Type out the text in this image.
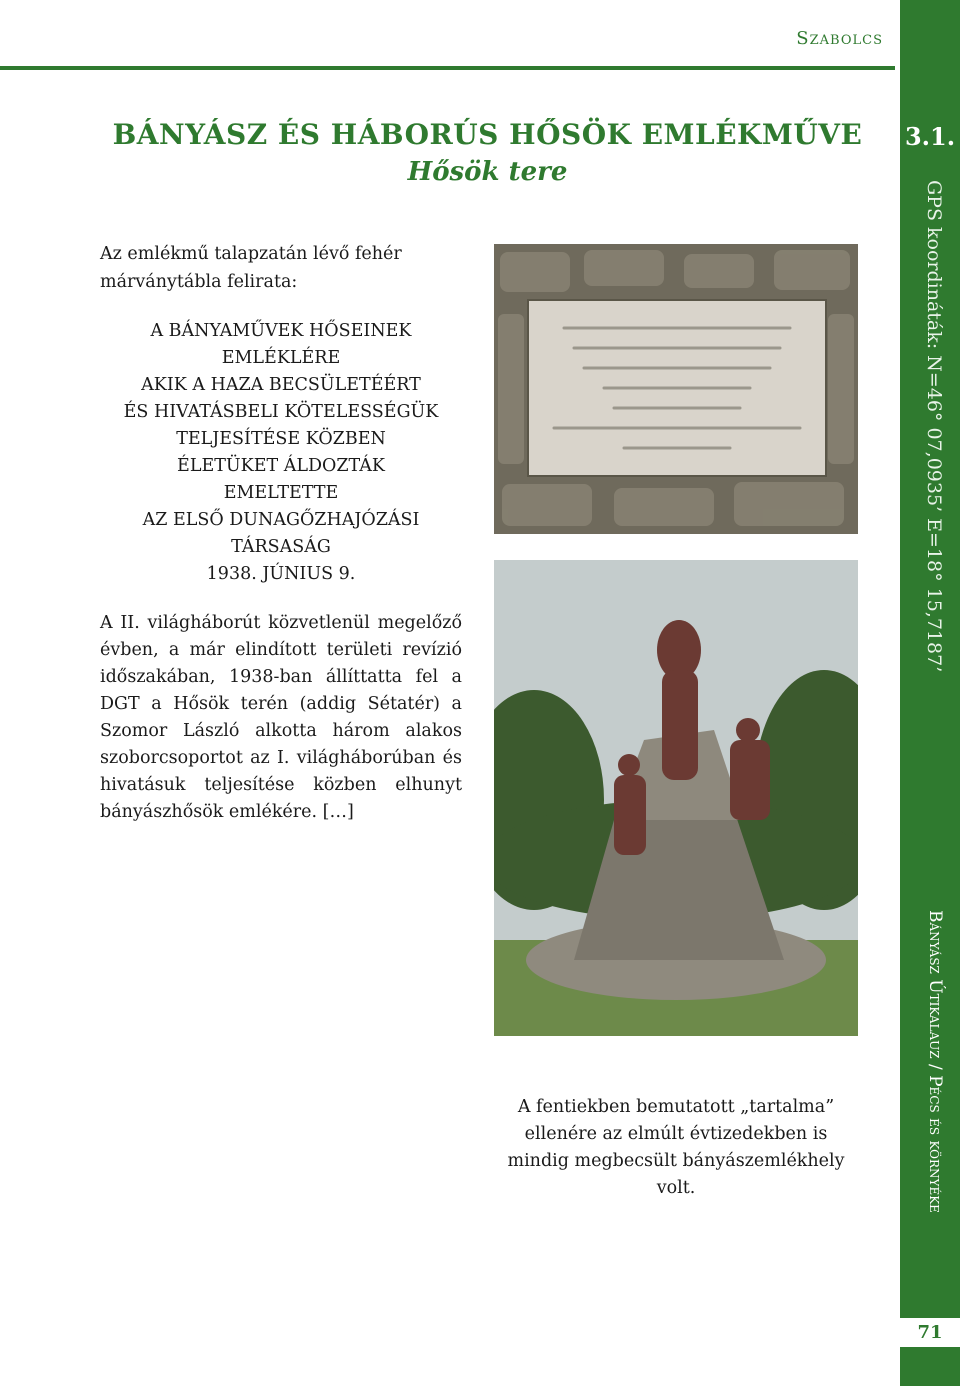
Szabolcs
3.1.
GPS koordináták: N=46° 07,0935’ E=18° 15,7187’
Bányász Útikalauz / Pécs és környéke
71
BÁNYÁSZ ÉS HÁBORÚS HŐSÖK EMLÉKMŰVE
Hősök tere

Az emlékmű talapzatán lévő fehér márványtábla felirata:

A BÁNYAMŰVEK HŐSEINEK
EMLÉKLÉRE
AKIK A HAZA BECSÜLETÉÉRT
ÉS HIVATÁSBELI KÖTELESSÉGÜK
TELJESÍTÉSE KÖZBEN
ÉLETÜKET ÁLDOZTÁK
EMELTETTE
AZ ELSŐ DUNAGŐZHAJÓZÁSI
TÁRSASÁG
1938. JÚNIUS 9.

A II. világháborút közvetlenül megelőző évben, a már elindított területi revízió időszakában, 1938-ban állíttatta fel a DGT a Hősök terén (addig Sétatér) a Szomor László alkotta három alakos szoborcsoportot az I. világháborúban és hivatásuk teljesítése közben elhunyt bányászhősök emlékére. […]

A fentiekben bemutatott „tartalma” ellenére az elmúlt évtizedekben is mindig megbecsült bányászemlékhely volt.
